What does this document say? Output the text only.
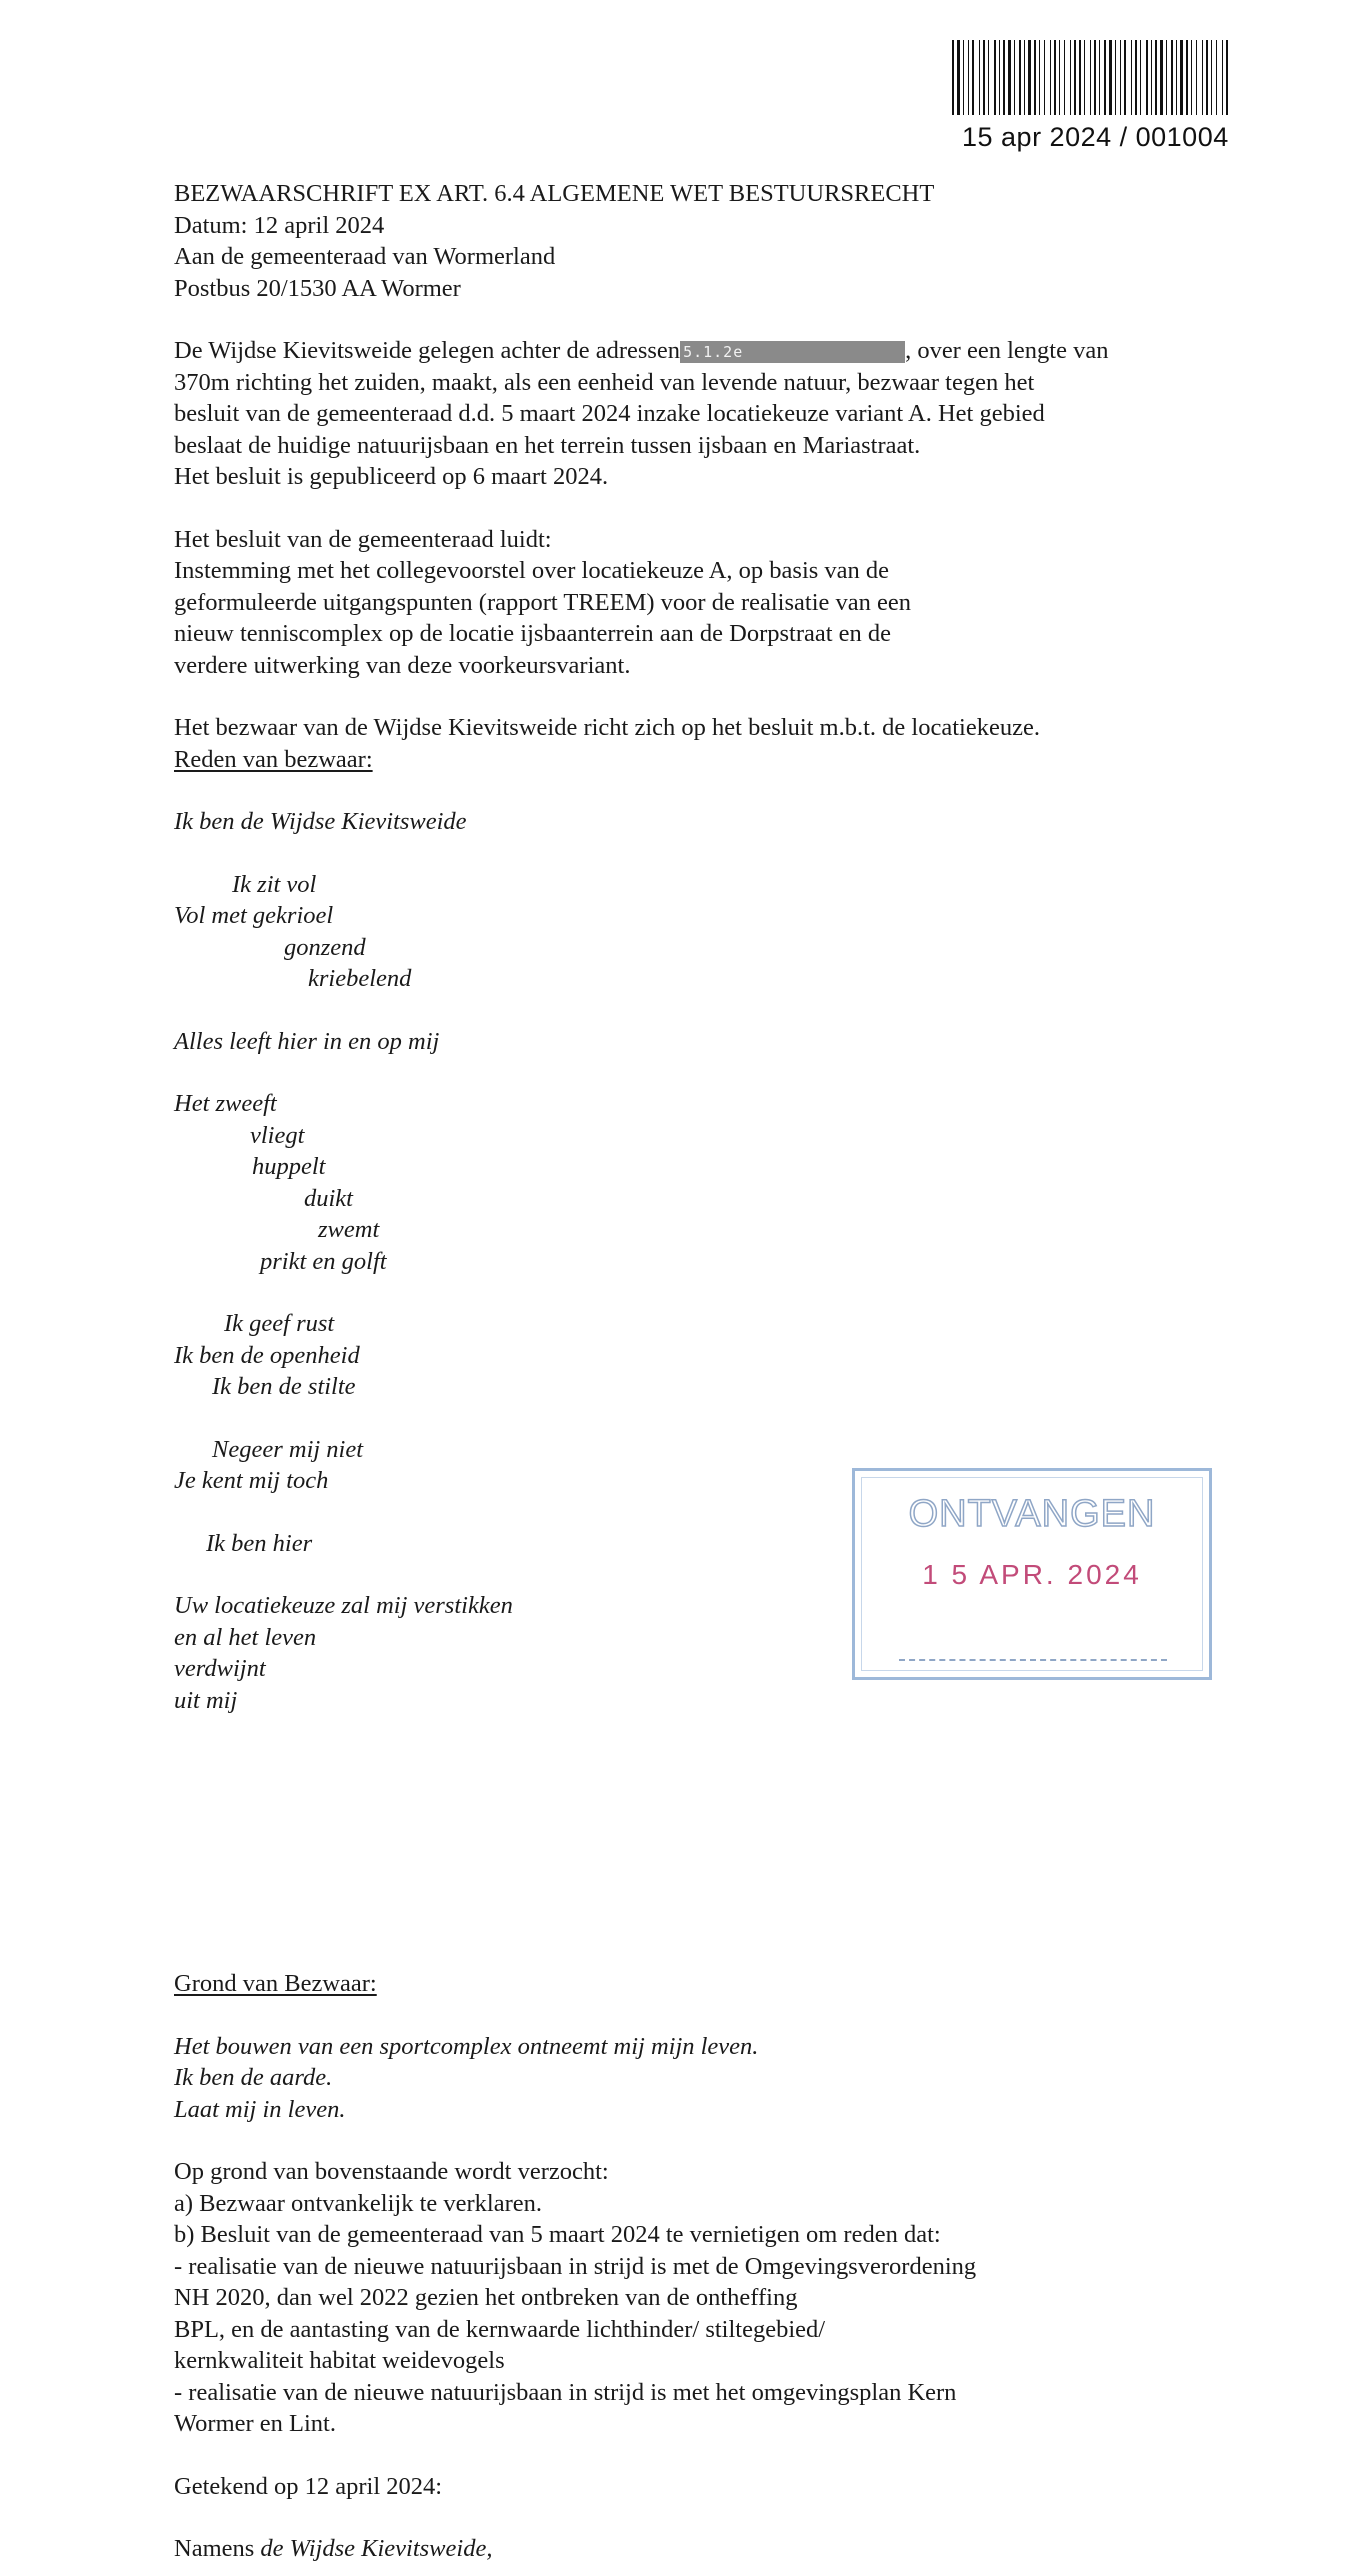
15 apr 2024 / 001004

BEZWAARSCHRIFT EX ART. 6.4 ALGEMENE WET BESTUURSRECHT

Datum: 12 april 2024

Aan de gemeenteraad van Wormerland

Postbus 20/1530 AA Wormer

De Wijdse Kievitsweide gelegen achter de adressen 5.1.2e	, over een lengte van

370m richting het zuiden, maakt, als een eenheid van levende natuur, bezwaar tegen het

besluit van de gemeenteraad d.d. 5 maart 2024 inzake locatiekeuze variant A. Het gebied

beslaat de huidige natuurijsbaan en het terrein tussen ijsbaan en Mariastraat.

Het besluit is gepubliceerd op 6 maart 2024.

Het besluit van de gemeenteraad luidt:

Instemming met het collegevoorstel over locatiekeuze A, op basis van de

geformuleerde uitgangspunten (rapport TREEM) voor de realisatie van een

nieuw tenniscomplex op de locatie ijsbaanterrein aan de Dorpstraat en de

verdere uitwerking van deze voorkeursvariant.

Het bezwaar van de Wijdse Kievitsweide richt zich op het besluit m.b.t. de locatiekeuze.

Reden van bezwaar:

Ik ben de Wijdse Kievitsweide

Ik zit vol

Vol met gekrioel

gonzend

kriebelend

Alles leeft hier in en op mij

Het zweeft

vliegt

huppelt

duikt

zwemt

prikt en golft

Ik geef rust

Ik ben de openheid

Ik ben de stilte

Negeer mij niet

Je kent mij toch

Ik ben hier

Uw locatiekeuze zal mij verstikken

en al het leven

verdwijnt

uit mij

Grond van Bezwaar:

Het bouwen van een sportcomplex ontneemt mij mijn leven.

Ik ben de aarde.

Laat mij in leven.

Op grond van bovenstaande wordt verzocht:

a) Bezwaar ontvankelijk te verklaren.

b) Besluit van de gemeenteraad van 5 maart 2024 te vernietigen om reden dat:

- realisatie van de nieuwe natuurijsbaan in strijd is met de Omgevingsverordening

NH 2020, dan wel 2022 gezien het ontbreken van de ontheffing

BPL, en de aantasting van de kernwaarde lichthinder/ stiltegebied/

kernkwaliteit habitat weidevogels

- realisatie van de nieuwe natuurijsbaan in strijd is met het omgevingsplan Kern

Wormer en Lint.

Getekend op 12 april 2024:

Namens de Wijdse Kievitsweide,

ONTVANGEN
1 5 APR. 2024
